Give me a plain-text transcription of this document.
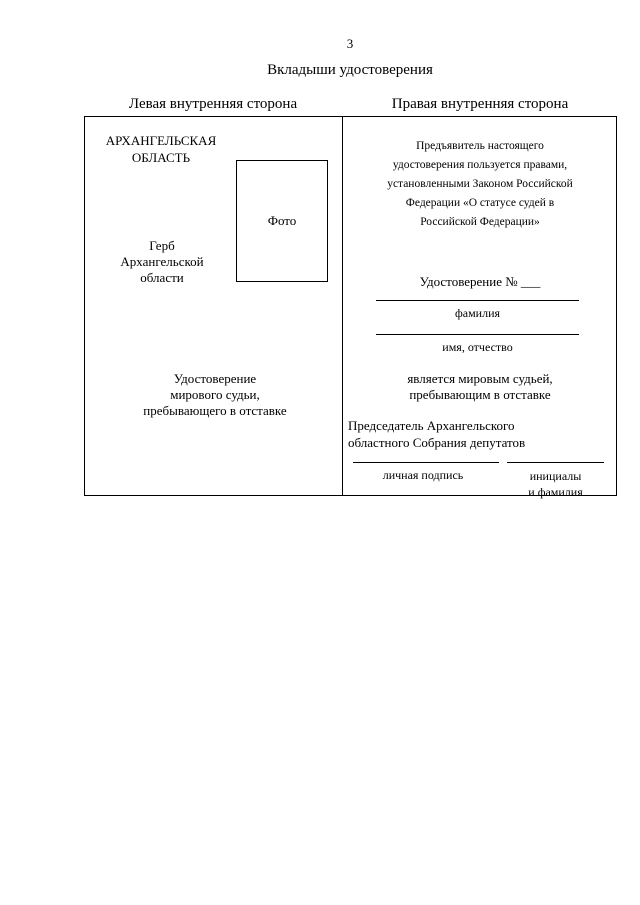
3
Вкладыши удостоверения
Левая внутренняя сторона	Правая внутренняя сторона
АРХАНГЕЛЬСКАЯ
ОБЛАСТЬ
Фото
Герб
Архангельской
области
Удостоверение
мирового судьи,
пребывающего в отставке
Предъявитель настоящего
удостоверения пользуется правами,
установленными Законом Российской
Федерации «О статусе судей в
Российской Федерации»
Удостоверение № ___
фамилия
имя, отчество
является мировым судьей,
пребывающим в отставке
Председатель Архангельского
областного Собрания депутатов
личная подпись	инициалы
и фамилия
